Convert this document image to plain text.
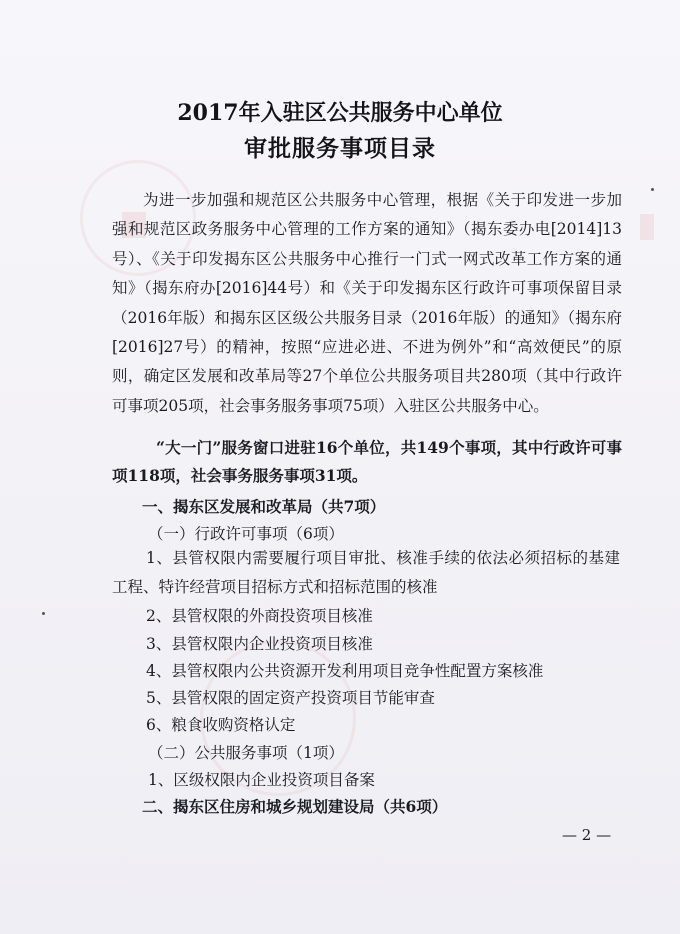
2017年入驻区公共服务中心单位
审批服务事项目录

为进一步加强和规范区公共服务中心管理，根据《关于印发进一步加强和规范区政务服务中心管理的工作方案的通知》（揭东委办电[2014]13号）、《关于印发揭东区公共服务中心推行一门式一网式改革工作方案的通知》（揭东府办[2016]44号）和《关于印发揭东区行政许可事项保留目录（2016年版）和揭东区区级公共服务目录（2016年版）的通知》（揭东府[2016]27号）的精神，按照“应进必进、不进为例外”和“高效便民”的原则，确定区发展和改革局等27个单位公共服务项目共280项（其中行政许可事项205项，社会事务服务事项75项）入驻区公共服务中心。

“大一门”服务窗口进驻16个单位，共149个事项，其中行政许可事项118项，社会事务服务事项31项。

一、揭东区发展和改革局（共7项）
（一）行政许可事项（6项）

1、县管权限内需要履行项目审批、核准手续的依法必须招标的基建工程、特许经营项目招标方式和招标范围的核准

2、县管权限的外商投资项目核准
3、县管权限内企业投资项目核准
4、县管权限内公共资源开发利用项目竞争性配置方案核准
5、县管权限的固定资产投资项目节能审查
6、粮食收购资格认定
（二）公共服务事项（1项）
1、区级权限内企业投资项目备案
二、揭东区住房和城乡规划建设局（共6项）
— 2 —
